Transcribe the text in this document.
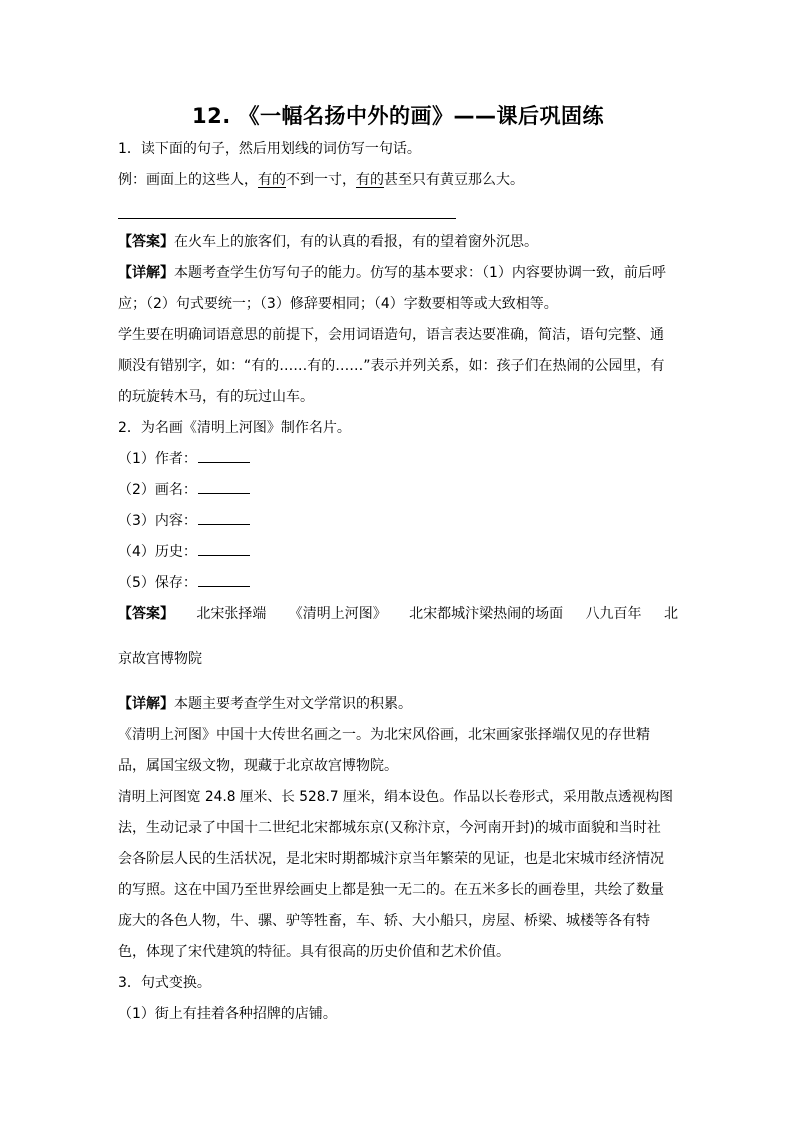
12. 《一幅名扬中外的画》——课后巩固练

1．读下面的句子，然后用划线的词仿写一句话。

例：画面上的这些人，有的不到一寸，有的甚至只有黄豆那么大。

【答案】在火车上的旅客们，有的认真的看报，有的望着窗外沉思。

【详解】本题考查学生仿写句子的能力。仿写的基本要求：（1）内容要协调一致，前后呼

应；（2）句式要统一；（3）修辞要相同；（4）字数要相等或大致相等。

学生要在明确词语意思的前提下，会用词语造句，语言表达要准确，简洁，语句完整、通

顺没有错别字，如：“有的……有的……”表示并列关系，如：孩子们在热闹的公园里，有

的玩旋转木马，有的玩过山车。

2．为名画《清明上河图》制作名片。

（1）作者：

（2）画名：

（3）内容：

（4）历史：

（5）保存：

【答案】 北宋张择端 《清明上河图》 北宋都城汴梁热闹的场面 八九百年 北

京故宫博物院

【详解】本题主要考查学生对文学常识的积累。

《清明上河图》中国十大传世名画之一。为北宋风俗画，北宋画家张择端仅见的存世精

品，属国宝级文物，现藏于北京故宫博物院。

清明上河图宽 24.8 厘米、长 528.7 厘米，绢本设色。作品以长卷形式，采用散点透视构图

法，生动记录了中国十二世纪北宋都城东京(又称汴京，今河南开封)的城市面貌和当时社

会各阶层人民的生活状况，是北宋时期都城汴京当年繁荣的见证，也是北宋城市经济情况

的写照。这在中国乃至世界绘画史上都是独一无二的。在五米多长的画卷里，共绘了数量

庞大的各色人物，牛、骡、驴等牲畜，车、轿、大小船只，房屋、桥梁、城楼等各有特

色，体现了宋代建筑的特征。具有很高的历史价值和艺术价值。

3．句式变换。

（1）街上有挂着各种招牌的店铺。
